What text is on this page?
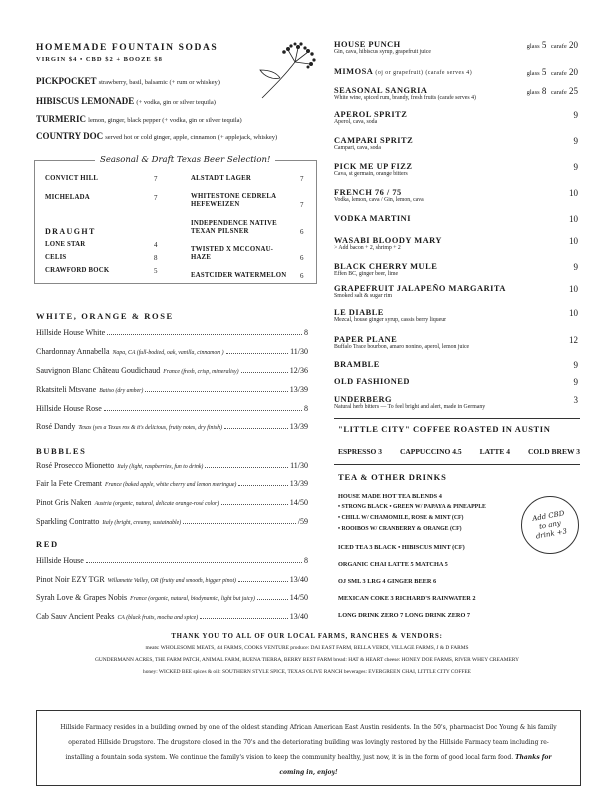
HOMEMADE FOUNTAIN SODAS
VIRGIN $4 • CBD $2 + BOOZE $8
PICKPOCKET strawberry, basil, balsamic (+ rum or whiskey)
HIBISCUS LEMONADE (+ vodka, gin or silver tequila)
TURMERIC lemon, ginger, black pepper (+ vodka, gin or silver tequila)
COUNTRY DOC served hot or cold ginger, apple, cinnamon (+ applejack, whiskey)
Seasonal & Draft Texas Beer Selection!
CONVICT HILL	7
MICHELADA	7
DRAUGHT
LONE STAR	4
CELIS	8
CRAWFORD BOCK	5
ALSTADT LAGER	7
WHITESTONE CEDRELA HEFEWEIZEN	7
INDEPENDENCE NATIVE TEXAN PILSNER	6
TWISTED X MCCONAU-HAZE	6
EASTCIDER WATERMELON 6
WHITE, ORANGE & ROSE
Hillside House White	8
Chardonnay Annabella Napa, CA (full-bodied, oak, vanilla, cinnamon )	11/30
Sauvignon Blanc Château Goudichaud France (fresh, crisp, mineralisy)	12/36
Rkatsiteli Mtsvane Batiso (dry amber)	13/39
Hillside House Rose	8
Rosé Dandy Texas (yes a Texas ros & it's delicious, fruity notes, dry finish)	13/39
BUBBLES
Rosé Prosecco Mionetto Italy (light, raspberries, fun to drink)	11/30
Fair la Fete Cremant France (baked apple, white cherry and lemon meringue)	13/39
Pinot Gris Naken Austria (organic, natural, delicate orange-rosé color)	14/50
Sparkling Contratto Italy (bright, creamy, sustainable)	/59
RED
Hillside House	8
Pinot Noir EZY TGR Willamette Valley, OR (fruity and smooth, bigger pinot)	13/40
Syrah Love & Grapes Nobis France (organic, natural, biodynamic, light but juicy)	14/50
Cab Sauv Ancient Peaks CA (black fruits, mocha and spice)	13/40
HOUSE PUNCH
Gin, cava, hibiscus syrup, grapefruit juice
glass 5 carafe 20
MIMOSA (oj or grapefruit) (carafe serves 4)	glass 5 carafe 20
SEASONAL SANGRIA
White wine, spiced rum, brandy, fresh fruits (carafe serves 4)
glass 8 carafe 25
APEROL SPRITZ
Aperol, cava, soda
9
CAMPARI SPRITZ
Campari, cava, soda
9
PICK ME UP FIZZ
Cava, st germain, orange bitters
9
FRENCH 76 / 75
Vodka, lemon, cava / Gin, lemon, cava
10
VODKA MARTINI	10
WASABI BLOODY MARY
> Add bacon + 2, shrimp + 2
10
BLACK CHERRY MULE
Effen BC, ginger beer, lime
9
GRAPEFRUIT JALAPEÑO MARGARITA
Smoked salt & sugar rim
10
LE DIABLE
Mezcal, house ginger syrup, cassis berry liqueur
10
PAPER PLANE
Buffalo Trace bourbon, amaro nonino, aperol, lemon juice
12
BRAMBLE	9
OLD FASHIONED	9
UNDERBERG
Natural herb bitters — To feel bright and alert, made in Germany
3
"LITTLE CITY" COFFEE ROASTED IN AUSTIN
ESPRESSO 3 CAPPUCCINO 4.5 LATTE 4 COLD BREW 3
TEA & OTHER DRINKS
HOUSE MADE HOT TEA BLENDS 4
• STRONG BLACK • GREEN W/ PAPAYA & PINEAPPLE
• CHILL W/ CHAMOMILE, ROSE & MINT (CF)
• ROOIBOS W/ CRANBERRY & ORANGE (CF)
ICED TEA 3 BLACK • HIBISCUS MINT (CF)
ORGANIC CHAI LATTE 5 MATCHA 5
OJ SML 3 LRG 4 GINGER BEER 6
MEXICAN COKE 3 RICHARD'S RAINWATER 2
LONG DRINK ZERO 7 LONG DRINK ZERO 7
Add CBD to any drink +3
THANK YOU TO ALL OF OUR LOCAL FARMS, RANCHES & VENDORS:
meats: WHOLESOME MEATS, 44 FARMS, COOKS VENTURE produce: DAI EAST FARM, BELLA VERDI, VILLAGE FARMS, J & D FARMS
GUNDERMANN ACRES, THE FARM PATCH, ANIMAL FARM, BUENA TIERRA, BERRY BEST FARM bread: HAT & HEART cheese: HONEY DOE FARMS, RIVER WHEY CREAMERY
honey: WICKED BEE spices & oil: SOUTHERN STYLE SPICE, TEXAS OLIVE RANCH beverages: EVERGREEN CHAI, LITTLE CITY COFFEE
Hillside Farmacy resides in a building owned by one of the oldest standing African American East Austin residents. In the 50's, pharmacist Doc Young & his family operated Hillside Drugstore. The drugstore closed in the 70's and the deteriorating building was lovingly restored by the Hillside Farmacy team including re-installing a fountain soda system. We continue the family's vision to keep the community healthy, just now, it is in the form of good local farm food. Thanks for coming in, enjoy!
